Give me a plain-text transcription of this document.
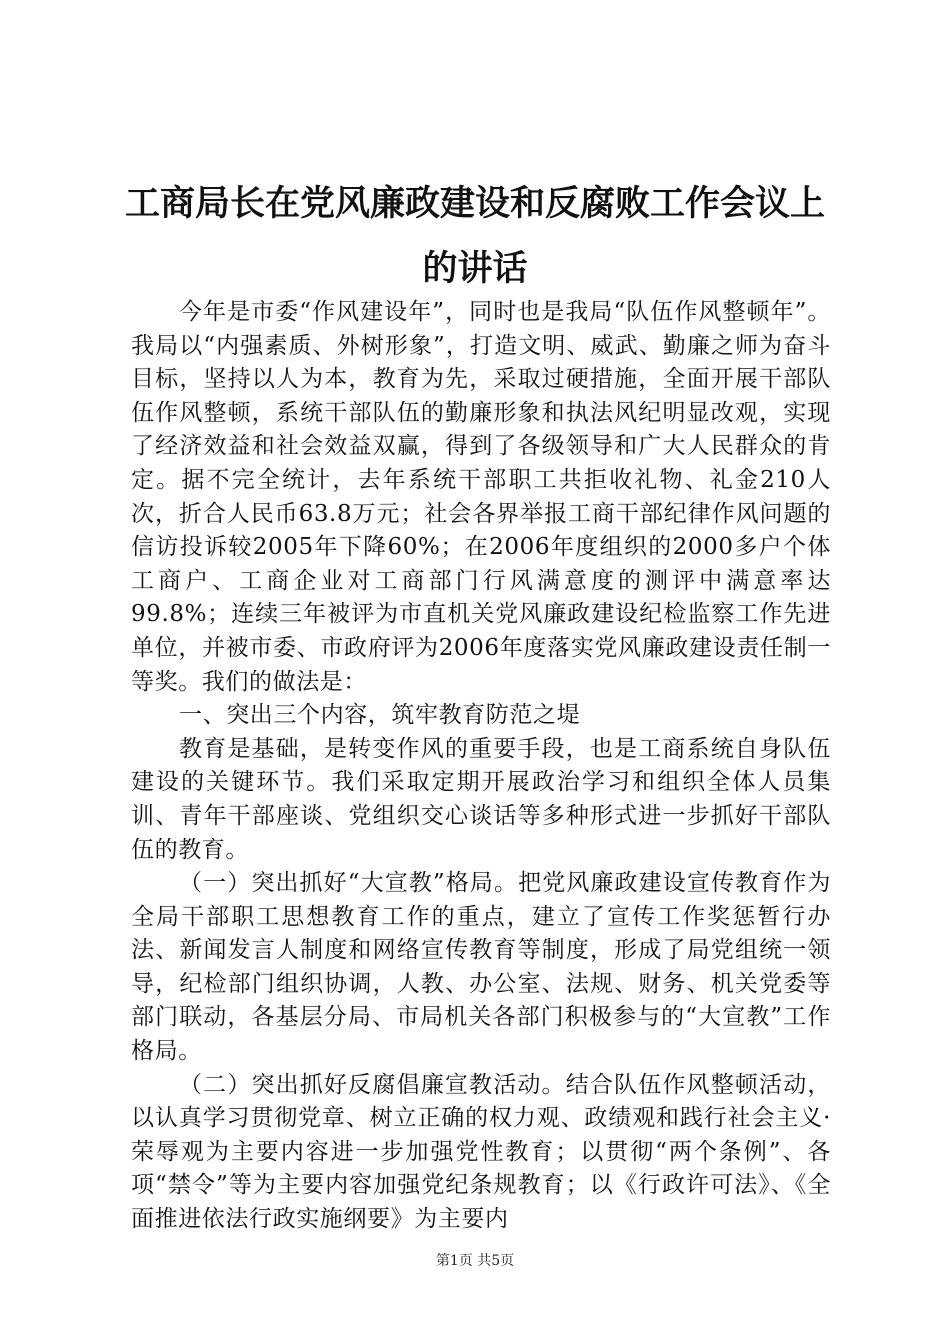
工商局长在党风廉政建设和反腐败工作会议上
的讲话

今年是市委“作风建设年”，同时也是我局“队伍作风整顿年”。我局以“内强素质、外树形象”，打造文明、威武、勤廉之师为奋斗目标，坚持以人为本，教育为先，采取过硬措施，全面开展干部队伍作风整顿，系统干部队伍的勤廉形象和执法风纪明显改观，实现了经济效益和社会效益双赢，得到了各级领导和广大人民群众的肯定。据不完全统计，去年系统干部职工共拒收礼物、礼金210人次，折合人民币63.8万元；社会各界举报工商干部纪律作风问题的信访投诉较2005年下降60%；在2006年度组织的2000多户个体工商户、工商企业对工商部门行风满意度的测评中满意率达99.8%；连续三年被评为市直机关党风廉政建设纪检监察工作先进单位，并被市委、市政府评为2006年度落实党风廉政建设责任制一等奖。我们的做法是：

一、突出三个内容，筑牢教育防范之堤

教育是基础，是转变作风的重要手段，也是工商系统自身队伍建设的关键环节。我们采取定期开展政治学习和组织全体人员集训、青年干部座谈、党组织交心谈话等多种形式进一步抓好干部队伍的教育。

（一）突出抓好“大宣教”格局。把党风廉政建设宣传教育作为全局干部职工思想教育工作的重点，建立了宣传工作奖惩暂行办法、新闻发言人制度和网络宣传教育等制度，形成了局党组统一领导，纪检部门组织协调，人教、办公室、法规、财务、机关党委等部门联动，各基层分局、市局机关各部门积极参与的“大宣教”工作格局。

（二）突出抓好反腐倡廉宣教活动。结合队伍作风整顿活动，以认真学习贯彻党章、树立正确的权力观、政绩观和践行社会主义·荣辱观为主要内容进一步加强党性教育；以贯彻“两个条例”、各项“禁令”等为主要内容加强党纪条规教育；以《行政许可法》、《全面推进依法行政实施纲要》为主要内

第1页 共5页
